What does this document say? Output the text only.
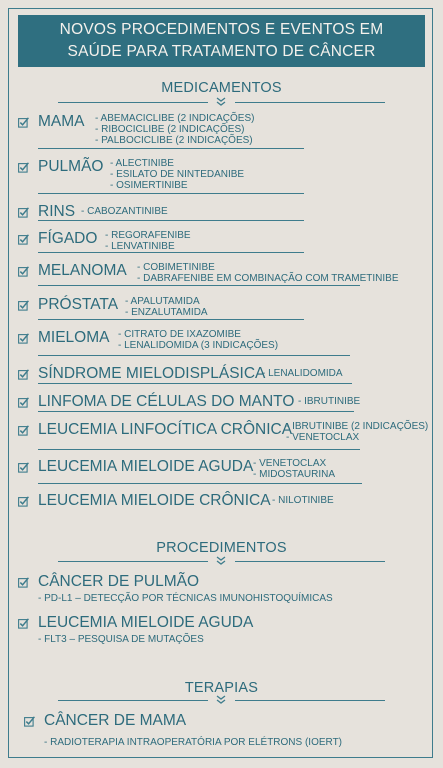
NOVOS PROCEDIMENTOS E EVENTOS EM
SAÚDE PARA TRATAMENTO DE CÂNCER
MEDICAMENTOS
MAMA - ABEMACICLIBE (2 INDICAÇÕES)
- RIBOCICLIBE (2 INDICAÇÕES)
- PALBOCICLIBE (2 INDICAÇÕES)
PULMÃO - ALECTINIBE
- ESILATO DE NINTEDANIBE
- OSIMERTINIBE
RINS - CABOZANTINIBE
FÍGADO - REGORAFENIBE
- LENVATINIBE
MELANOMA - COBIMETINIBE
- DABRAFENIBE EM COMBINAÇÃO COM TRAMETINIBE
PRÓSTATA - APALUTAMIDA
- ENZALUTAMIDA
MIELOMA - CITRATO DE IXAZOMIBE
- LENALIDOMIDA (3 INDICAÇÕES)
SÍNDROME MIELODISPLÁSICA
- LENALIDOMIDA
LINFOMA DE CÉLULAS DO MANTO - IBRUTINIBE
LEUCEMIA LINFOCÍTICA CRÔNICA
- IBRUTINIBE (2 INDICAÇÕES)
- VENETOCLAX
LEUCEMIA MIELOIDE AGUDA - VENETOCLAX
- MIDOSTAURINA
LEUCEMIA MIELOIDE CRÔNICA - NILOTINIBE
PROCEDIMENTOS
CÂNCER DE PULMÃO
- PD-L1 – DETECÇÃO POR TÉCNICAS IMUNOHISTOQUÍMICAS
LEUCEMIA MIELOIDE AGUDA
- FLT3 – PESQUISA DE MUTAÇÕES
TERAPIAS
CÂNCER DE MAMA
- RADIOTERAPIA INTRAOPERATÓRIA POR ELÉTRONS (IOERT)
